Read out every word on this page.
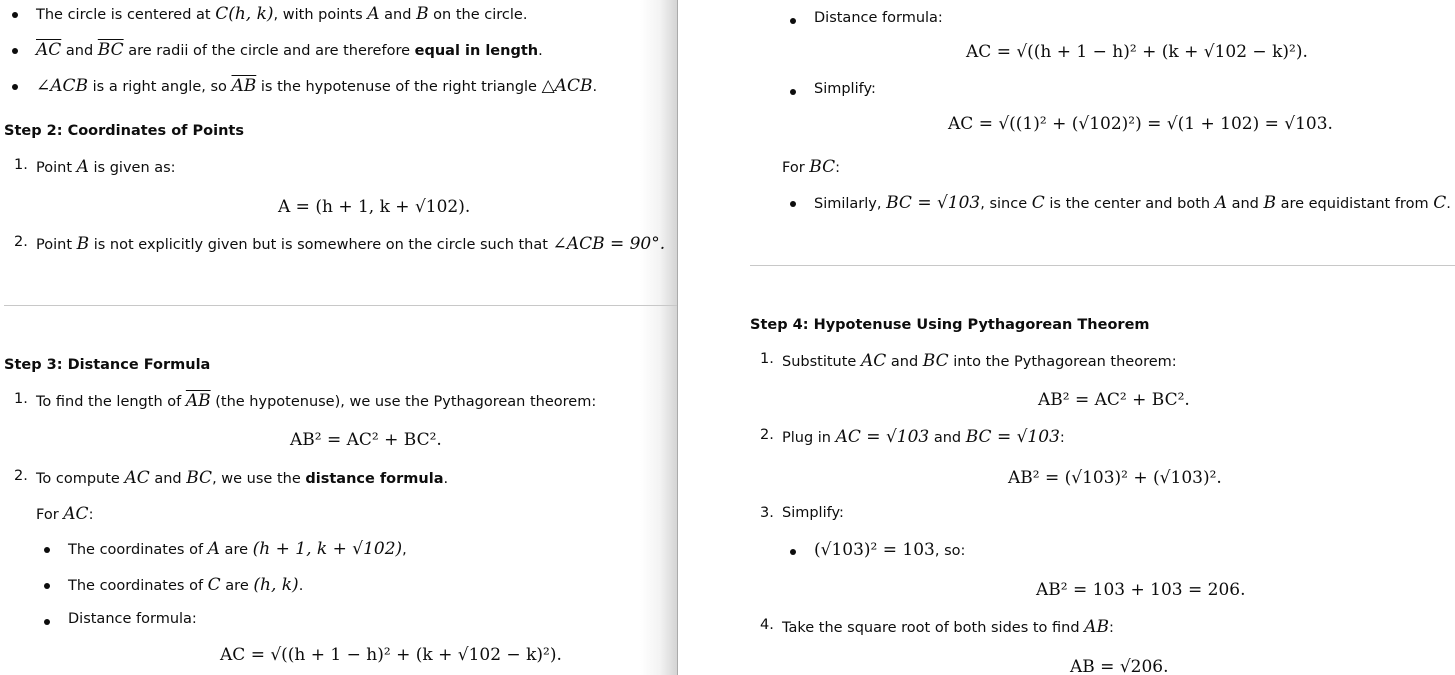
The circle is centered at C(h, k), with points A and B on the circle.
$\overline{AC}$ and $\overline{BC}$ are radii of the circle and are therefore equal in length.
∠ACB is a right angle, so $\overline{AB}$ is the hypotenuse of the right triangle △ACB.
Step 2: Coordinates of Points
1. Point A is given as:
A = (h + 1, k + √102).
2. Point B is not explicitly given but is somewhere on the circle such that ∠ACB = 90°.
Step 3: Distance Formula
1. To find the length of $\overline{AB}$ (the hypotenuse), we use the Pythagorean theorem:
AB² = AC² + BC².
2. To compute AC and BC, we use the distance formula.
For AC:
The coordinates of A are (h + 1, k + √102),
The coordinates of C are (h, k).
Distance formula:
AC = √((h + 1 − h)² + (k + √102 − k)²).
Distance formula:
AC = √((h + 1 − h)² + (k + √102 − k)²).
Simplify:
AC = √((1)² + (√102)²) = √(1 + 102) = √103.
For BC:
Similarly, BC = √103, since C is the center and both A and B are equidistant from C.
Step 4: Hypotenuse Using Pythagorean Theorem
1. Substitute AC and BC into the Pythagorean theorem:
AB² = AC² + BC².
2. Plug in AC = √103 and BC = √103:
AB² = (√103)² + (√103)².
3. Simplify:
(√103)² = 103, so:
AB² = 103 + 103 = 206.
4. Take the square root of both sides to find AB:
AB = √206.
